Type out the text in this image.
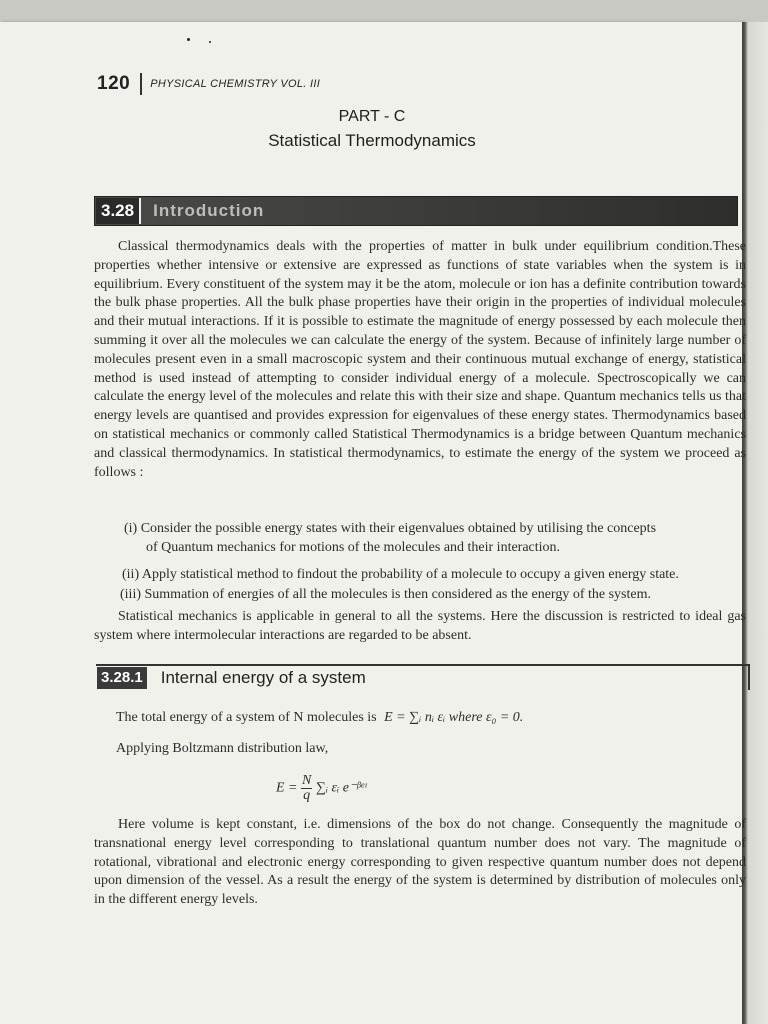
120 PHYSICAL CHEMISTRY VOL. III
PART - C
Statistical Thermodynamics
3.28	Introduction

Classical thermodynamics deals with the properties of matter in bulk under equilibrium condition.These properties whether intensive or extensive are expressed as functions of state variables when the system is in equilibrium. Every constituent of the system may it be the atom, molecule or ion has a definite contribution towards the bulk phase properties. All the bulk phase properties have their origin in the properties of individual molecules and their mutual interactions. If it is possible to estimate the magnitude of energy possessed by each molecule then summing it over all the molecules we can calculate the energy of the system. Because of infinitely large number of molecules present even in a small macroscopic system and their continuous mutual exchange of energy, statistical method is used instead of attempting to consider individual energy of a molecule. Spectroscopically we can calculate the energy level of the molecules and relate this with their size and shape. Quantum mechanics tells us that energy levels are quantised and provides expression for eigenvalues of these energy states. Thermodynamics based on statistical mechanics or commonly called Statistical Thermodynamics is a bridge between Quantum mechanics and classical thermodynamics. In statistical thermodynamics, to estimate the energy of the system we proceed as follows :

(i) Consider the possible energy states with their eigenvalues obtained by utilising the concepts
of Quantum mechanics for motions of the molecules and their interaction.
(ii) Apply statistical method to findout the probability of a molecule to occupy a given energy state.
(iii) Summation of energies of all the molecules is then considered as the energy of the system.

Statistical mechanics is applicable in general to all the systems. Here the discussion is restricted to ideal gas system where intermolecular interactions are regarded to be absent.

3.28.1 Internal energy of a system
The total energy of a system of N molecules is E = ∑ᵢ nᵢ εᵢ where ε₀ = 0.
Applying Boltzmann distribution law,
$E = \frac{N}{q}$ ∑ᵢ εᵢ e⁻ᵝᵉᶦ

Here volume is kept constant, i.e. dimensions of the box do not change. Consequently the magnitude of transnational energy level corresponding to translational quantum number does not vary. The magnitude of rotational, vibrational and electronic energy corresponding to given respective quantum number does not depend upon dimension of the vessel. As a result the energy of the system is determined by distribution of molecules only in the different energy levels.
